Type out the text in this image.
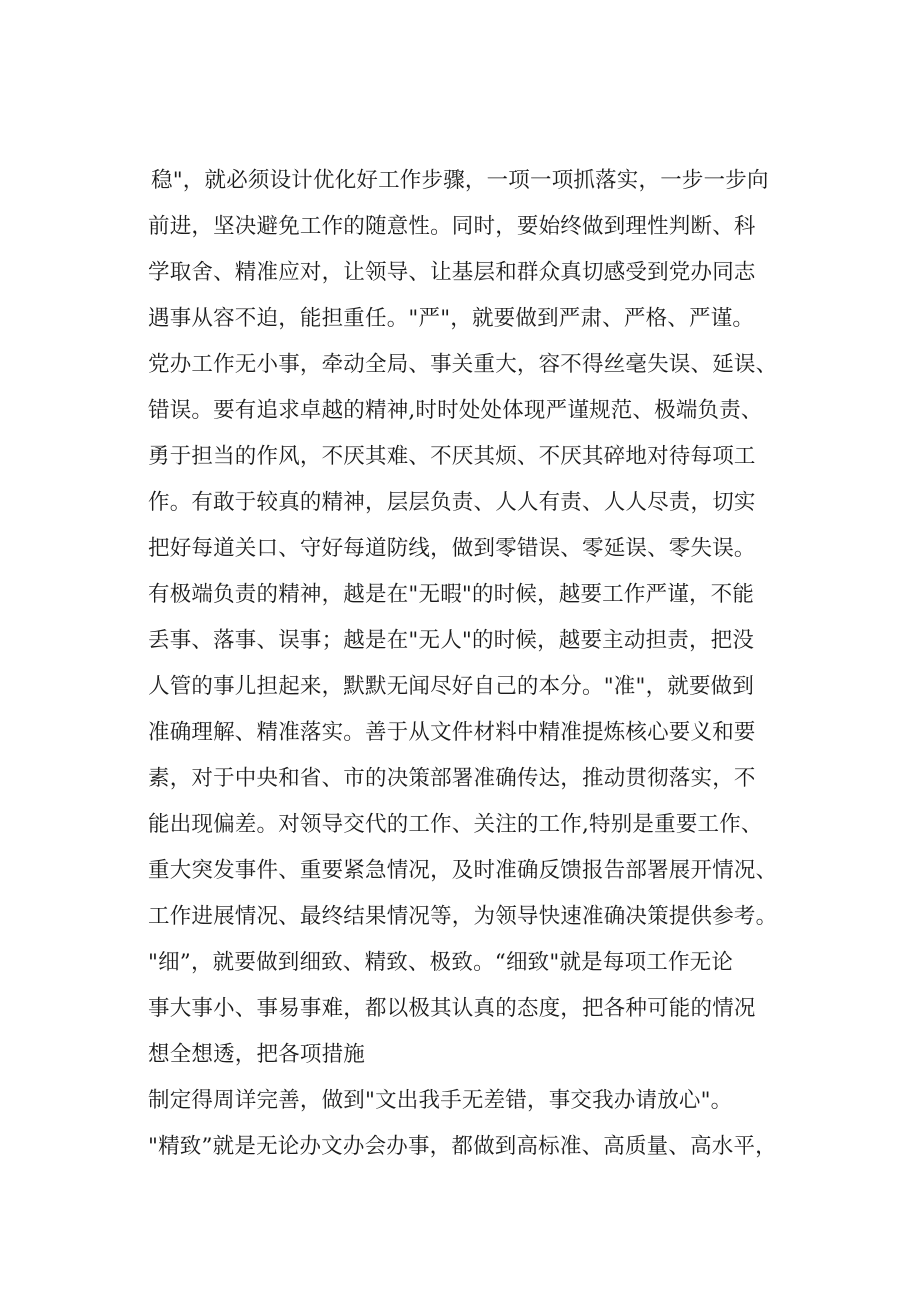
稳"，就必须设计优化好工作步骤，一项一项抓落实，一步一步向
前进，坚决避免工作的随意性。同时，要始终做到理性判断、科
学取舍、精准应对，让领导、让基层和群众真切感受到党办同志
遇事从容不迫，能担重任。"严"，就要做到严肃、严格、严谨。
党办工作无小事，牵动全局、事关重大，容不得丝毫失误、延误、
错误。要有追求卓越的精神,时时处处体现严谨规范、极端负责、
勇于担当的作风，不厌其难、不厌其烦、不厌其碎地对待每项工
作。有敢于较真的精神，层层负责、人人有责、人人尽责，切实
把好每道关口、守好每道防线，做到零错误、零延误、零失误。
有极端负责的精神，越是在"无暇"的时候，越要工作严谨，不能
丢事、落事、误事；越是在"无人"的时候，越要主动担责，把没
人管的事儿担起来，默默无闻尽好自己的本分。"准"，就要做到
准确理解、精准落实。善于从文件材料中精准提炼核心要义和要
素，对于中央和省、市的决策部署准确传达，推动贯彻落实，不
能出现偏差。对领导交代的工作、关注的工作,特别是重要工作、
重大突发事件、重要紧急情况，及时准确反馈报告部署展开情况、
工作进展情况、最终结果情况等，为领导快速准确决策提供参考。
"细”，就要做到细致、精致、极致。“细致"就是每项工作无论
事大事小、事易事难，都以极其认真的态度，把各种可能的情况
想全想透，把各项措施
制定得周详完善，做到"文出我手无差错，事交我办请放心"。
"精致”就是无论办文办会办事，都做到高标准、高质量、高水平，
